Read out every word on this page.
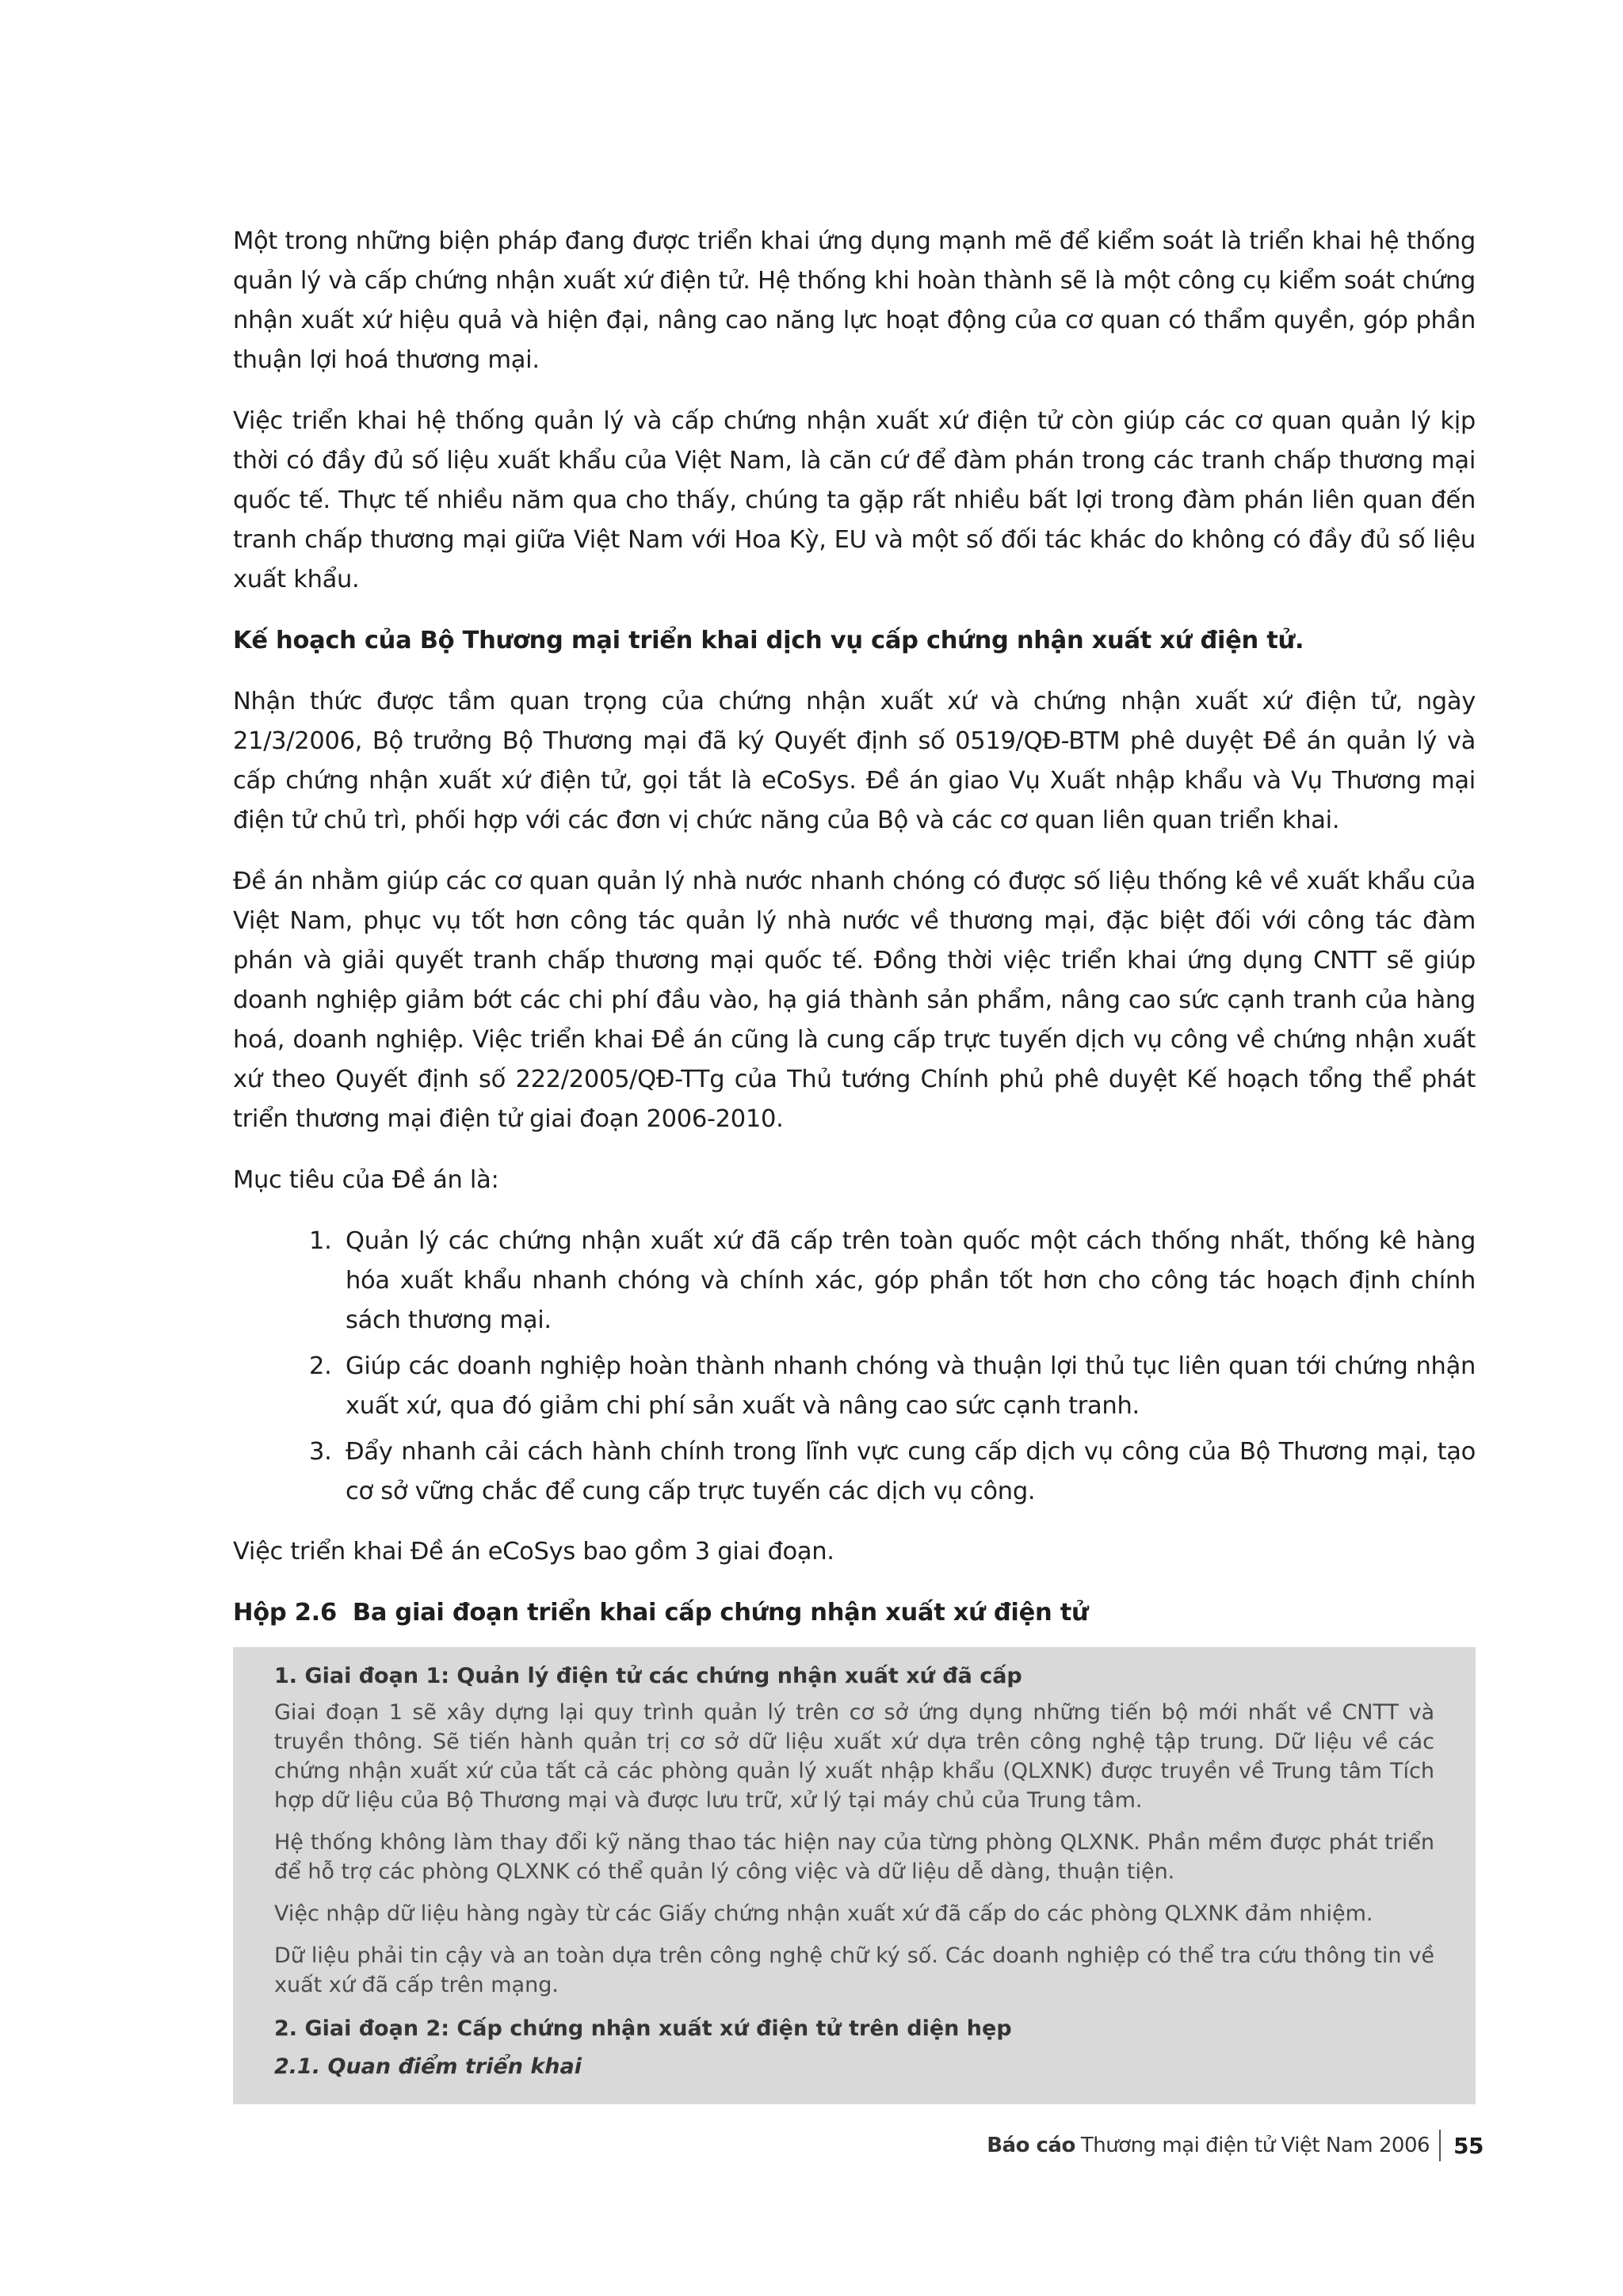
Một trong những biện pháp đang được triển khai ứng dụng mạnh mẽ để kiểm soát là triển khai hệ thống quản lý và cấp chứng nhận xuất xứ điện tử. Hệ thống khi hoàn thành sẽ là một công cụ kiểm soát chứng nhận xuất xứ hiệu quả và hiện đại, nâng cao năng lực hoạt động của cơ quan có thẩm quyền, góp phần thuận lợi hoá thương mại.

Việc triển khai hệ thống quản lý và cấp chứng nhận xuất xứ điện tử còn giúp các cơ quan quản lý kịp thời có đầy đủ số liệu xuất khẩu của Việt Nam, là căn cứ để đàm phán trong các tranh chấp thương mại quốc tế. Thực tế nhiều năm qua cho thấy, chúng ta gặp rất nhiều bất lợi trong đàm phán liên quan đến tranh chấp thương mại giữa Việt Nam với Hoa Kỳ, EU và một số đối tác khác do không có đầy đủ số liệu xuất khẩu.

Kế hoạch của Bộ Thương mại triển khai dịch vụ cấp chứng nhận xuất xứ điện tử.

Nhận thức được tầm quan trọng của chứng nhận xuất xứ và chứng nhận xuất xứ điện tử, ngày 21/3/2006, Bộ trưởng Bộ Thương mại đã ký Quyết định số 0519/QĐ-BTM phê duyệt Đề án quản lý và cấp chứng nhận xuất xứ điện tử, gọi tắt là eCoSys. Đề án giao Vụ Xuất nhập khẩu và Vụ Thương mại điện tử chủ trì, phối hợp với các đơn vị chức năng của Bộ và các cơ quan liên quan triển khai.

Đề án nhằm giúp các cơ quan quản lý nhà nước nhanh chóng có được số liệu thống kê về xuất khẩu của Việt Nam, phục vụ tốt hơn công tác quản lý nhà nước về thương mại, đặc biệt đối với công tác đàm phán và giải quyết tranh chấp thương mại quốc tế. Đồng thời việc triển khai ứng dụng CNTT sẽ giúp doanh nghiệp giảm bớt các chi phí đầu vào, hạ giá thành sản phẩm, nâng cao sức cạnh tranh của hàng hoá, doanh nghiệp. Việc triển khai Đề án cũng là cung cấp trực tuyến dịch vụ công về chứng nhận xuất xứ theo Quyết định số 222/2005/QĐ-TTg của Thủ tướng Chính phủ phê duyệt Kế hoạch tổng thể phát triển thương mại điện tử giai đoạn 2006-2010.

Mục tiêu của Đề án là:

1. Quản lý các chứng nhận xuất xứ đã cấp trên toàn quốc một cách thống nhất, thống kê hàng hóa xuất khẩu nhanh chóng và chính xác, góp phần tốt hơn cho công tác hoạch định chính sách thương mại.
2. Giúp các doanh nghiệp hoàn thành nhanh chóng và thuận lợi thủ tục liên quan tới chứng nhận xuất xứ, qua đó giảm chi phí sản xuất và nâng cao sức cạnh tranh.
3. Đẩy nhanh cải cách hành chính trong lĩnh vực cung cấp dịch vụ công của Bộ Thương mại, tạo cơ sở vững chắc để cung cấp trực tuyến các dịch vụ công.

Việc triển khai Đề án eCoSys bao gồm 3 giai đoạn.

Hộp 2.6 Ba giai đoạn triển khai cấp chứng nhận xuất xứ điện tử

1. Giai đoạn 1: Quản lý điện tử các chứng nhận xuất xứ đã cấp

Giai đoạn 1 sẽ xây dựng lại quy trình quản lý trên cơ sở ứng dụng những tiến bộ mới nhất về CNTT và truyền thông. Sẽ tiến hành quản trị cơ sở dữ liệu xuất xứ dựa trên công nghệ tập trung. Dữ liệu về các chứng nhận xuất xứ của tất cả các phòng quản lý xuất nhập khẩu (QLXNK) được truyền về Trung tâm Tích hợp dữ liệu của Bộ Thương mại và được lưu trữ, xử lý tại máy chủ của Trung tâm.

Hệ thống không làm thay đổi kỹ năng thao tác hiện nay của từng phòng QLXNK. Phần mềm được phát triển để hỗ trợ các phòng QLXNK có thể quản lý công việc và dữ liệu dễ dàng, thuận tiện.

Việc nhập dữ liệu hàng ngày từ các Giấy chứng nhận xuất xứ đã cấp do các phòng QLXNK đảm nhiệm.

Dữ liệu phải tin cậy và an toàn dựa trên công nghệ chữ ký số. Các doanh nghiệp có thể tra cứu thông tin về xuất xứ đã cấp trên mạng.

2. Giai đoạn 2: Cấp chứng nhận xuất xứ điện tử trên diện hẹp

2.1. Quan điểm triển khai

Báo cáo Thương mại điện tử Việt Nam 2006 55
